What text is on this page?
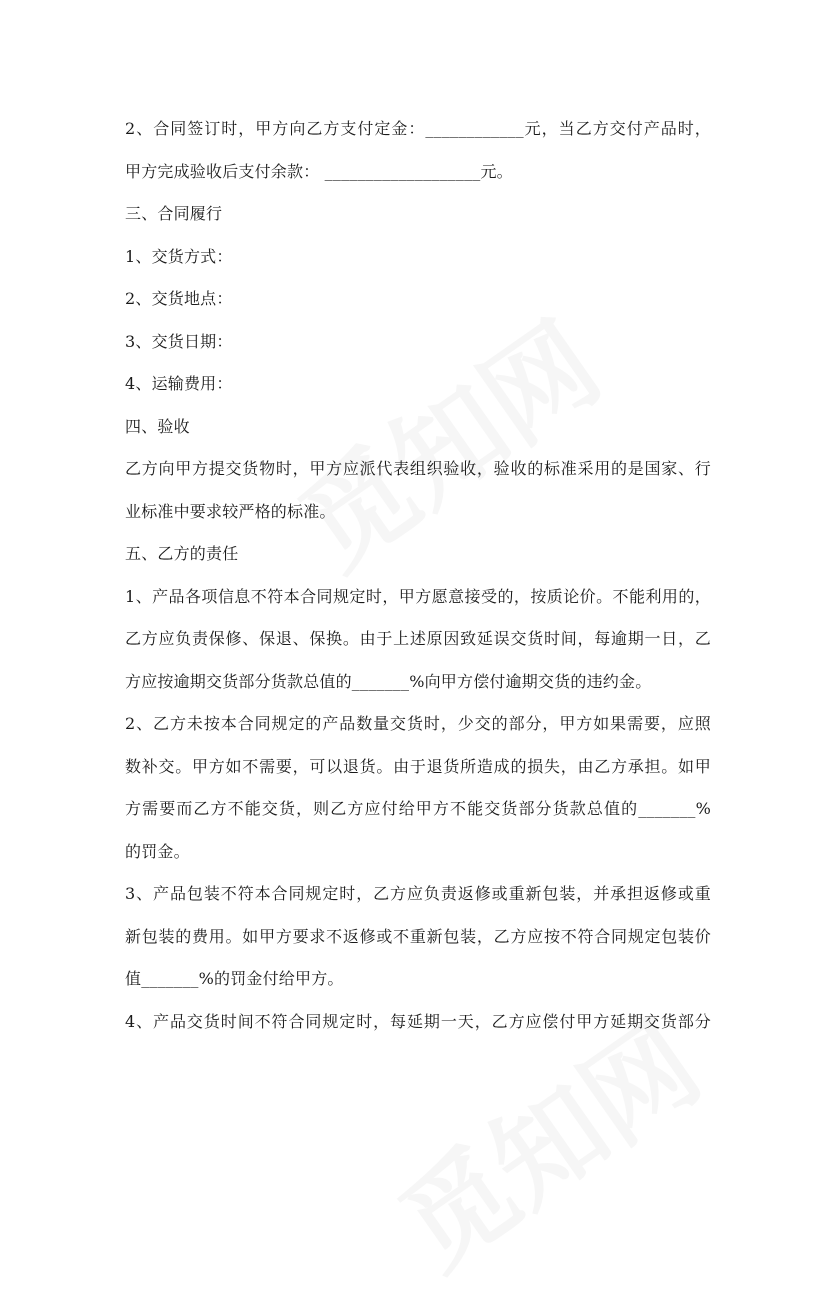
2、合同签订时，甲方向乙方支付定金：____________元，当乙方交付产品时，
甲方完成验收后支付余款： ___________________元。
三、合同履行
1、交货方式：
2、交货地点：
3、交货日期：
4、运输费用：
四、验收
乙方向甲方提交货物时，甲方应派代表组织验收，验收的标准采用的是国家、行
业标准中要求较严格的标准。
五、乙方的责任
1、产品各项信息不符本合同规定时，甲方愿意接受的，按质论价。不能利用的，
乙方应负责保修、保退、保换。由于上述原因致延误交货时间，每逾期一日，乙
方应按逾期交货部分货款总值的_______%向甲方偿付逾期交货的违约金。
2、乙方未按本合同规定的产品数量交货时，少交的部分，甲方如果需要，应照
数补交。甲方如不需要，可以退货。由于退货所造成的损失，由乙方承担。如甲
方需要而乙方不能交货，则乙方应付给甲方不能交货部分货款总值的_______%
的罚金。
3、产品包装不符本合同规定时，乙方应负责返修或重新包装，并承担返修或重
新包装的费用。如甲方要求不返修或不重新包装，乙方应按不符合同规定包装价
值_______%的罚金付给甲方。
4、产品交货时间不符合同规定时，每延期一天，乙方应偿付甲方延期交货部分
